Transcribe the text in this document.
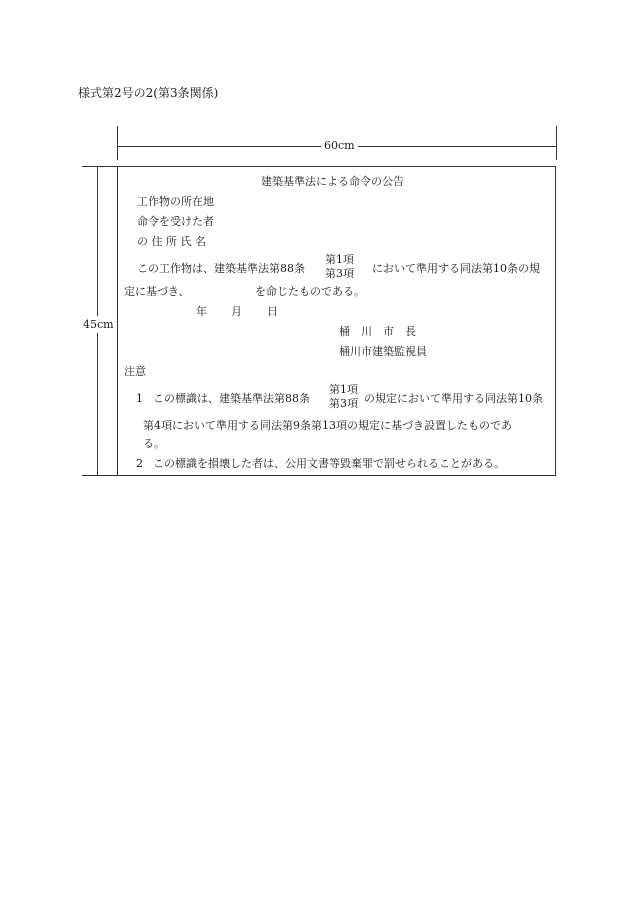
様式第2号の2(第3条関係)
60cm
45cm
建築基準法による命令の公告
工作物の所在地
命令を受けた者
の 住 所 氏 名
この工作物は、建築基準法第88条
第1項
第3項 において準用する同法第10条の規
定に基づき、	を命じたものである。
年 月 日
桶　川　市　長
桶川市建築監視員
注意
1 この標識は、建築基準法第88条
第1項
第3項 の規定において準用する同法第10条
第4項において準用する同法第9条第13項の規定に基づき設置したものであ
る。
2 この標識を損壊した者は、公用文書等毀棄罪で罰せられることがある。
